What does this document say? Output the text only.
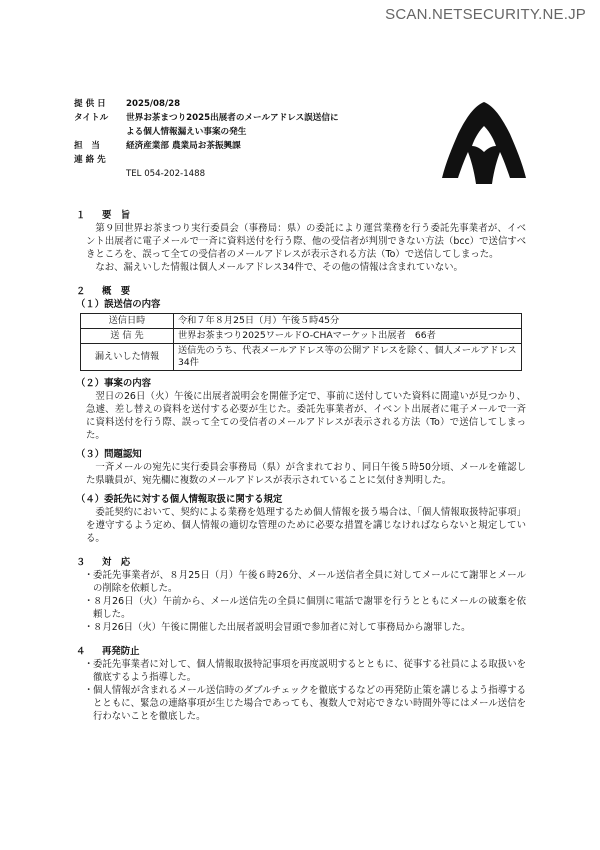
SCAN.NETSECURITY.NE.JP
提 供 日	2025/08/28
タイトル	世界お茶まつり2025出展者のメールアドレス誤送信に
よる個人情報漏えい事案の発生
担　当	経済産業部 農業局お茶振興課
連 絡 先
TEL 054-202-1488
１ 要　旨
第９回世界お茶まつり実行委員会（事務局：県）の委託により運営業務を行う委託先事業者が、イベント出展者に電子メールで一斉に資料送付を行う際、他の受信者が判別できない方法（bcc）で送信すべきところを、誤って全ての受信者のメールアドレスが表示される方法（To）で送信してしまった。
なお、漏えいした情報は個人メールアドレス34件で、その他の情報は含まれていない。
２ 概　要
（１）誤送信の内容
送信日時	令和７年８月25日（月）午後５時45分
送 信 先	世界お茶まつり2025ワールドO-CHAマーケット出展者　66者
漏えいした情報	送信先のうち、代表メールアドレス等の公開アドレスを除く、個人メールアドレス34件
（２）事案の内容
翌日の26日（火）午後に出展者説明会を開催予定で、事前に送付していた資料に間違いが見つかり、急遽、差し替えの資料を送付する必要が生じた。委託先事業者が、イベント出展者に電子メールで一斉に資料送付を行う際、誤って全ての受信者のメールアドレスが表示される方法（To）で送信してしまった。
（３）問題認知
一斉メールの宛先に実行委員会事務局（県）が含まれており、同日午後５時50分頃、メールを確認した県職員が、宛先欄に複数のメールアドレスが表示されていることに気付き判明した。
（４）委託先に対する個人情報取扱に関する規定
委託契約において、契約による業務を処理するため個人情報を扱う場合は、「個人情報取扱特記事項」を遵守するよう定め、個人情報の適切な管理のために必要な措置を講じなければならないと規定している。
３ 対　応
・ 委託先事業者が、８月25日（月）午後６時26分、メール送信者全員に対してメールにて謝罪とメールの削除を依頼した。
・ ８月26日（火）午前から、メール送信先の全員に個別に電話で謝罪を行うとともにメールの破棄を依頼した。
・ ８月26日（火）午後に開催した出展者説明会冒頭で参加者に対して事務局から謝罪した。
４ 再発防止
・ 委託先事業者に対して、個人情報取扱特記事項を再度説明するとともに、従事する社員による取扱いを徹底するよう指導した。
・ 個人情報が含まれるメール送信時のダブルチェックを徹底するなどの再発防止策を講じるよう指導するとともに、緊急の連絡事項が生じた場合であっても、複数人で対応できない時間外等にはメール送信を行わないことを徹底した。
